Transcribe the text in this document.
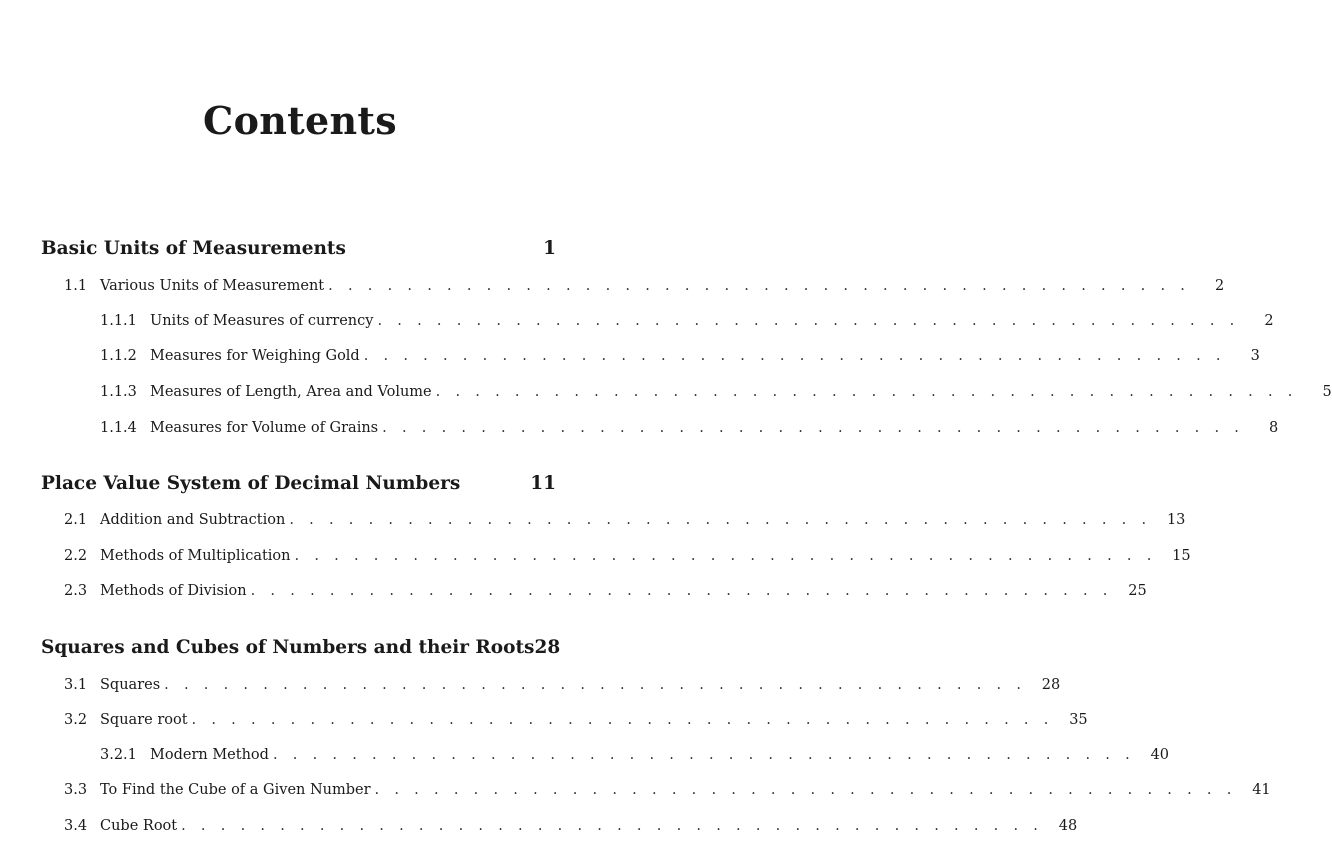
Contents
Basic Units of Measurements	1
1.1 Various Units of Measurement . . . . . . . . . . . . . . . . . . . . . . . . . . . . . . . . . . . . . . . . . . . .	2
1.1.1 Units of Measures of currency . . . . . . . . . . . . . . . . . . . . . . . . . . . . . . . . . . . . . . . . . . . .	2
1.1.2 Measures for Weighing Gold . . . . . . . . . . . . . . . . . . . . . . . . . . . . . . . . . . . . . . . . . . . .	3
1.1.3 Measures of Length, Area and Volume . . . . . . . . . . . . . . . . . . . . . . . . . . . . . . . . . . . . . . . . . . . .	5
1.1.4 Measures for Volume of Grains . . . . . . . . . . . . . . . . . . . . . . . . . . . . . . . . . . . . . . . . . . . .	8
Place Value System of Decimal Numbers	11
2.1 Addition and Subtraction . . . . . . . . . . . . . . . . . . . . . . . . . . . . . . . . . . . . . . . . . . . .	13
2.2 Methods of Multiplication . . . . . . . . . . . . . . . . . . . . . . . . . . . . . . . . . . . . . . . . . . . .	15
2.3 Methods of Division . . . . . . . . . . . . . . . . . . . . . . . . . . . . . . . . . . . . . . . . . . . .	25
Squares and Cubes of Numbers and their Roots 28
3.1 Squares . . . . . . . . . . . . . . . . . . . . . . . . . . . . . . . . . . . . . . . . . . . .	28
3.2 Square root . . . . . . . . . . . . . . . . . . . . . . . . . . . . . . . . . . . . . . . . . . . .	35
3.2.1 Modern Method . . . . . . . . . . . . . . . . . . . . . . . . . . . . . . . . . . . . . . . . . . . .	40
3.3 To Find the Cube of a Given Number . . . . . . . . . . . . . . . . . . . . . . . . . . . . . . . . . . . . . . . . . . . .	41
3.4 Cube Root . . . . . . . . . . . . . . . . . . . . . . . . . . . . . . . . . . . . . . . . . . . .	48
